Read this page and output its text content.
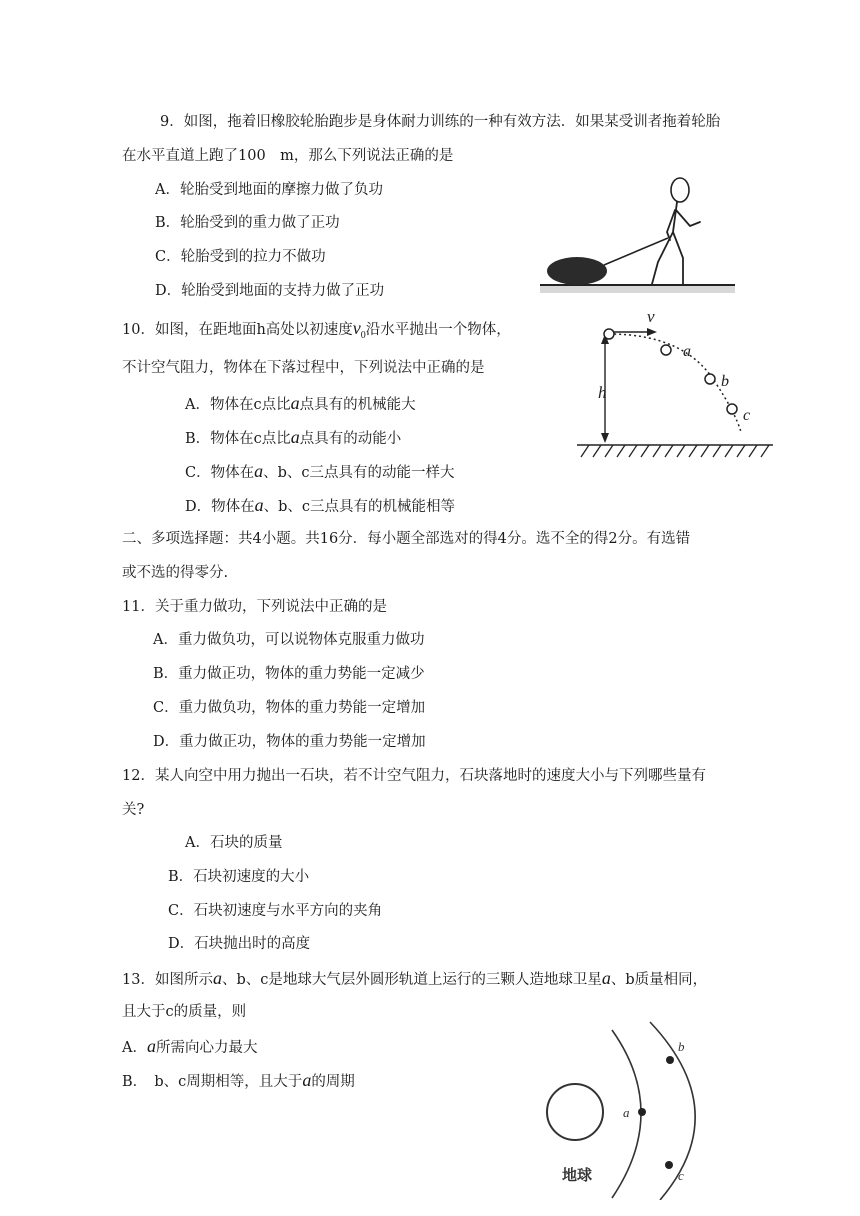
9．如图，拖着旧橡胶轮胎跑步是身体耐力训练的一种有效方法．如果某受训者拖着轮胎
在水平直道上跑了100　m，那么下列说法正确的是
A．轮胎受到地面的摩擦力做了负功
B．轮胎受到的重力做了正功
C．轮胎受到的拉力不做功
D．轮胎受到地面的支持力做了正功
10．如图，在距地面h高处以初速度$v_0$沿水平抛出一个物体，
不计空气阻力，物体在下落过程中，下列说法中正确的是
A．物体在c点比a点具有的机械能大
B．物体在c点比a点具有的动能小
C．物体在a、b、c三点具有的动能一样大
D．物体在a、b、c三点具有的机械能相等
h
v
a
b
c
二、多项选择题：共4小题。共16分．每小题全部选对的得4分。选不全的得2分。有选错
或不选的得零分.
11．关于重力做功，下列说法中正确的是
A．重力做负功，可以说物体克服重力做功
B．重力做正功，物体的重力势能一定减少
C．重力做负功，物体的重力势能一定增加
D．重力做正功，物体的重力势能一定增加
12．某人向空中用力抛出一石块，若不计空气阻力，石块落地时的速度大小与下列哪些量有
关?
A．石块的质量
B．石块初速度的大小
C．石块初速度与水平方向的夹角
D．石块抛出时的高度
13．如图所示a、b、c是地球大气层外圆形轨道上运行的三颗人造地球卫星a、b质量相同，
且大于c的质量，则
A．a所需向心力最大
B．　b、c周期相等，且大于a的周期
地球
a
b
c
